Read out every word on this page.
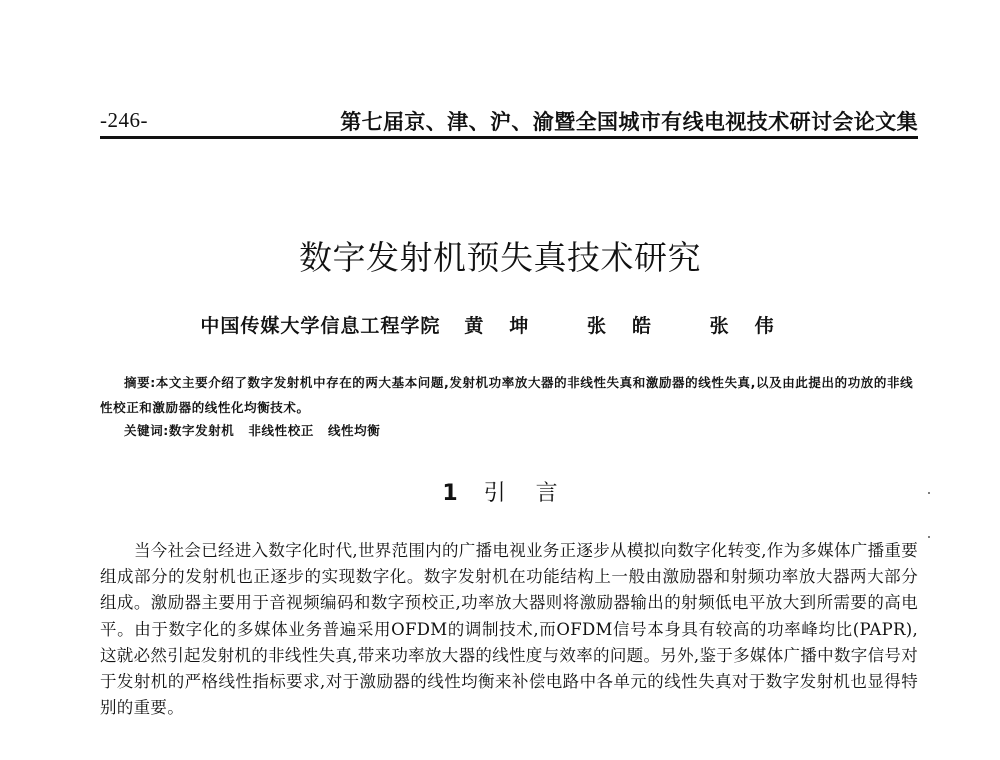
-246-	第七届京、津、沪、渝暨全国城市有线电视技术研讨会论文集
数字发射机预失真技术研究
中国传媒大学信息工程学院 黄坤 张皓 张伟

摘要:本文主要介绍了数字发射机中存在的两大基本问题,发射机功率放大器的非线性失真和激励器的线性失真,以及由此提出的功放的非线性校正和激励器的线性化均衡技术。

关键词:数字发射机 非线性校正 线性均衡
1 引言

当今社会已经进入数字化时代,世界范围内的广播电视业务正逐步从模拟向数字化转变,作为多媒体广播重要组成部分的发射机也正逐步的实现数字化。数字发射机在功能结构上一般由激励器和射频功率放大器两大部分组成。激励器主要用于音视频编码和数字预校正,功率放大器则将激励器输出的射频低电平放大到所需要的高电平。由于数字化的多媒体业务普遍采用OFDM的调制技术,而OFDM信号本身具有较高的功率峰均比(PAPR),这就必然引起发射机的非线性失真,带来功率放大器的线性度与效率的问题。另外,鉴于多媒体广播中数字信号对于发射机的严格线性指标要求,对于激励器的线性均衡来补偿电路中各单元的线性失真对于数字发射机也显得特别的重要。
